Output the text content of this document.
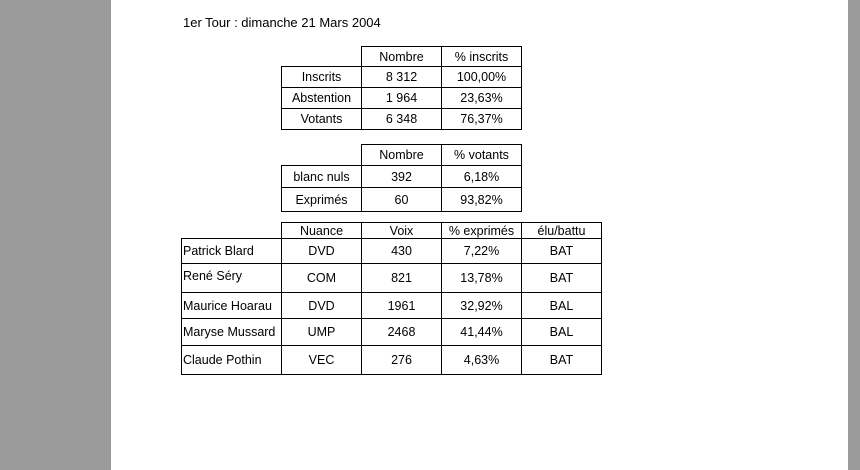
1er Tour : dimanche 21 Mars 2004
	Nombre	% inscrits
Inscrits	8 312	100,00%
Abstention	1 964	23,63%
Votants	6 348	76,37%
	Nombre	% votants
blanc nuls	392	6,18%
Exprimés	60	93,82%
	Nuance	Voix	% exprimés	élu/battu
Patrick Blard	DVD	430	7,22%	BAT
René Séry	COM	821	13,78%	BAT
Maurice Hoarau	DVD	1961	32,92%	BAL
Maryse Mussard	UMP	2468	41,44%	BAL
Claude Pothin	VEC	276	4,63%	BAT
